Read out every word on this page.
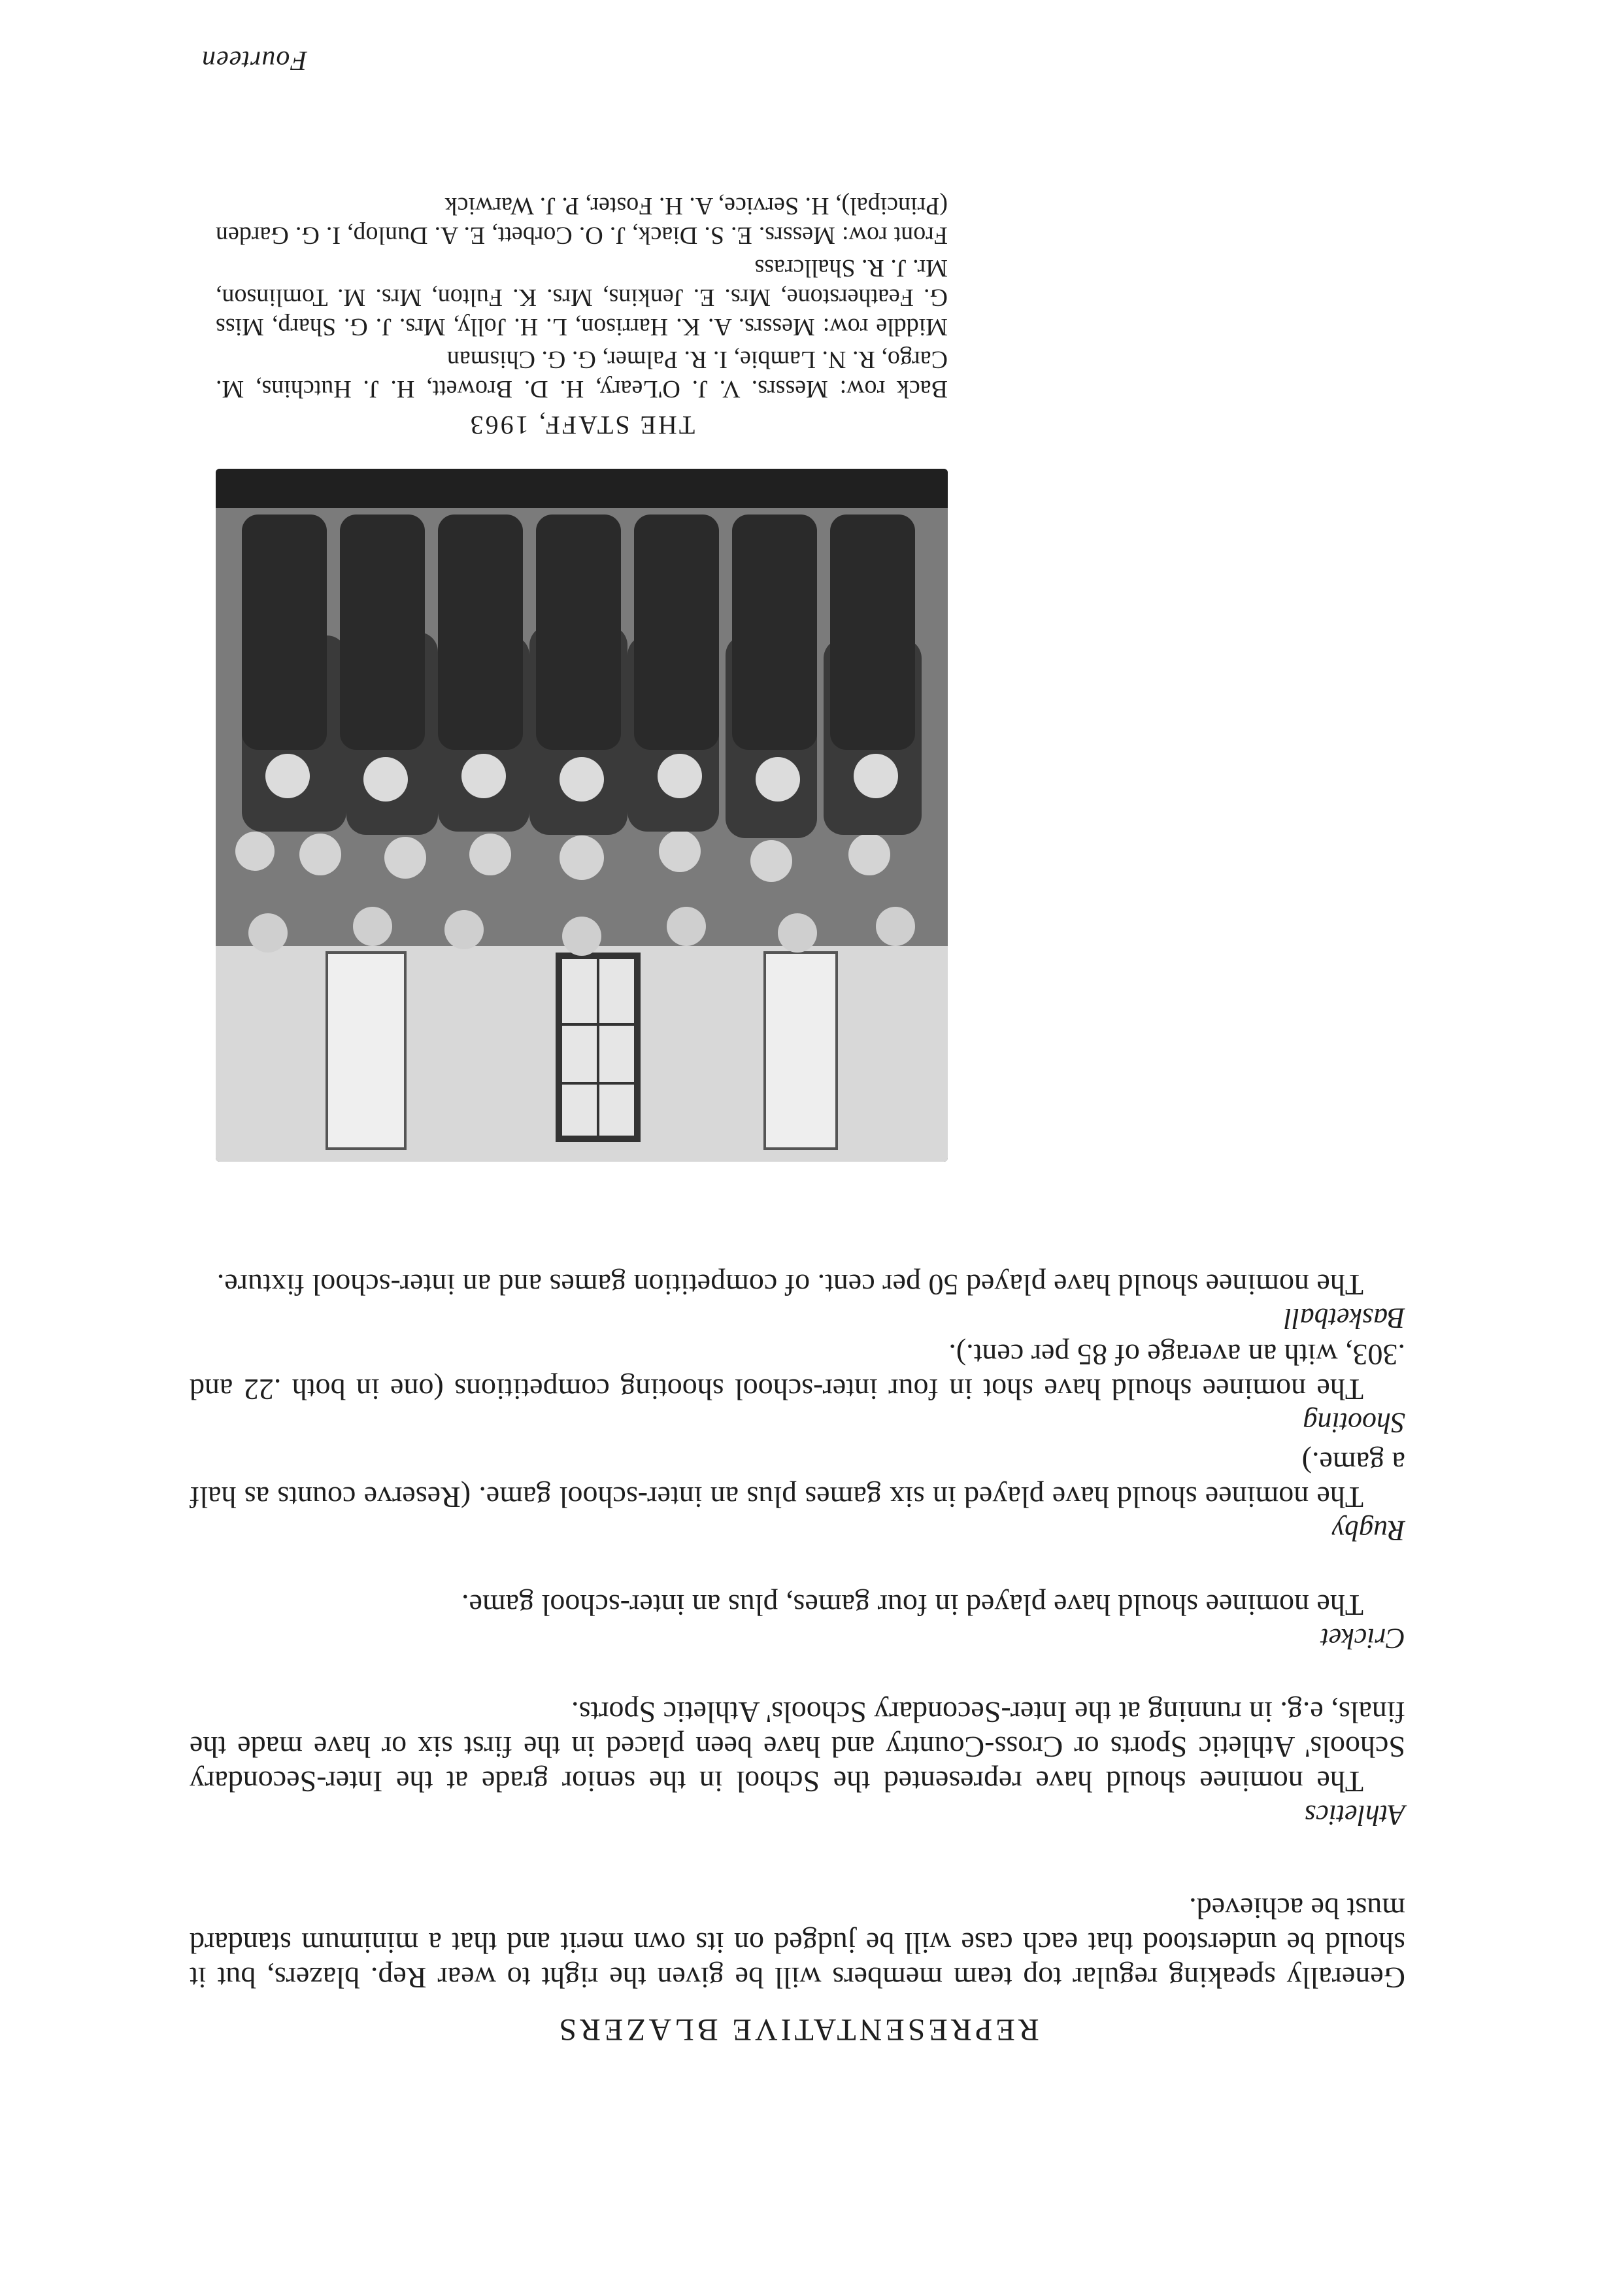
REPRESENTATIVE BLAZERS

Generally speaking regular top team members will be given the right to wear Rep. blazers, but it should be understood that each case will be judged on its own merit and that a minimum standard must be achieved.

Athletics

The nominee should have represented the School in the senior grade at the Inter-Secondary Schools' Athletic Sports or Cross-Country and have been placed in the first six or have made the finals, e.g. in running at the Inter-Secondary Schools' Athletic Sports.

Cricket

The nominee should have played in four games, plus an inter-school game.

Rugby

The nominee should have played in six games plus an inter-school game. (Reserve counts as half a game.)

Shooting

The nominee should have shot in four inter-school shooting competitions (one in both .22 and .303, with an average of 85 per cent.).

Basketball

The nominee should have played 50 per cent. of competition games and an inter-school fixture.

THE STAFF, 1963

Back row: Messrs. V. J. O'Leary, H. D. Browett, H. J. Hutchins, M. Cargo, R. N. Lambie, I. R. Palmer, G. G. Chisman

Middle row: Messrs. A. K. Harrison, L. H. Jolly, Mrs. J. G. Sharp, Miss G. Featherstone, Mrs. E. Jenkins, Mrs. K. Fulton, Mrs. M. Tomlinson, Mr. J. R. Shallcrass

Front row: Messrs. E. S. Diack, J. O. Corbett, E. A. Dunlop, I. G. Garden (Principal), H. Service, A. H. Foster, P. J. Warwick

Fourteen
